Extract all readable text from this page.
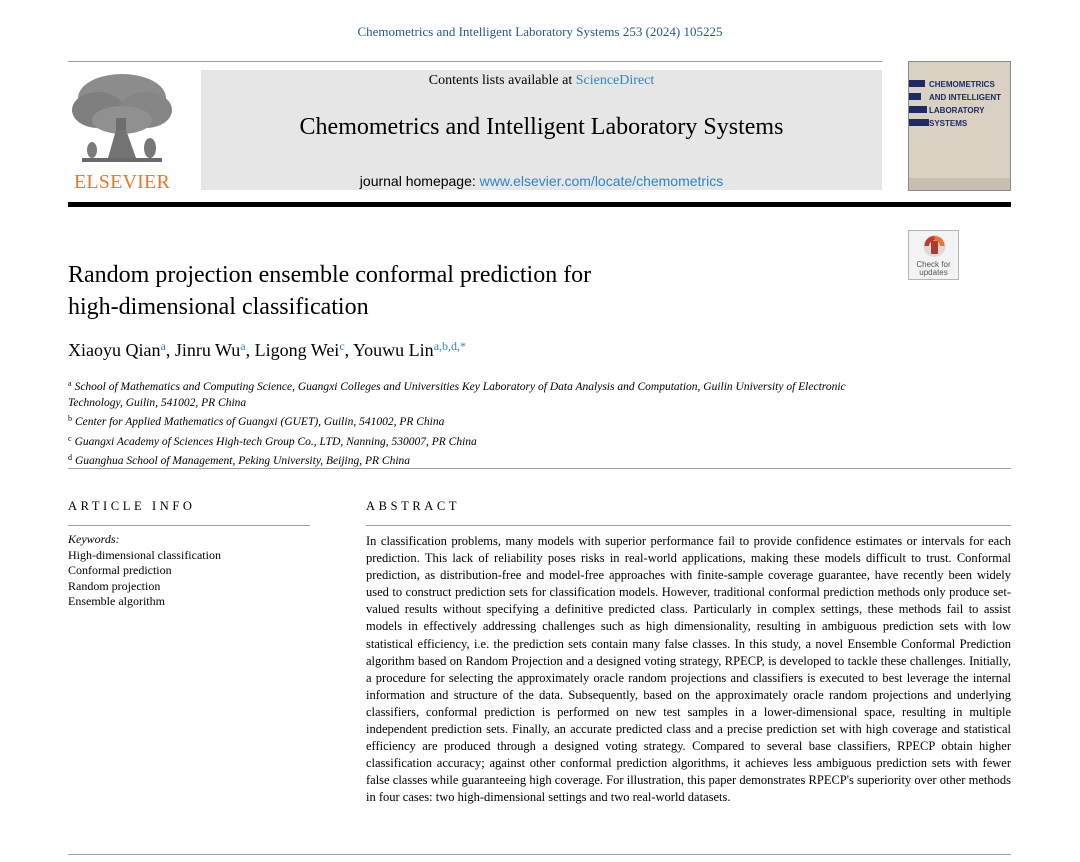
Chemometrics and Intelligent Laboratory Systems 253 (2024) 105225
ELSEVIER
Contents lists available at ScienceDirect
Chemometrics and Intelligent Laboratory Systems
journal homepage: www.elsevier.com/locate/chemometrics
CHEMOMETRICS
AND INTELLIGENT
LABORATORY
SYSTEMS
Check for
updates
Random projection ensemble conformal prediction for
high-dimensional classification
Xiaoyu Qian$^a$, Jinru Wu$^a$, Ligong Wei$^c$, Youwu Lin$^{a,b,d,*}$
$^a$ School of Mathematics and Computing Science, Guangxi Colleges and Universities Key Laboratory of Data Analysis and Computation, Guilin University of Electronic Technology, Guilin, 541002, PR China
$^b$ Center for Applied Mathematics of Guangxi (GUET), Guilin, 541002, PR China
$^c$ Guangxi Academy of Sciences High-tech Group Co., LTD, Nanning, 530007, PR China
$^d$ Guanghua School of Management, Peking University, Beijing, PR China
ARTICLE INFO	ABSTRACT
Keywords:
High-dimensional classification
Conformal prediction
Random projection
Ensemble algorithm
In classification problems, many models with superior performance fail to provide confidence estimates or intervals for each prediction. This lack of reliability poses risks in real-world applications, making these models difficult to trust. Conformal prediction, as distribution-free and model-free approaches with finite-sample coverage guarantee, have recently been widely used to construct prediction sets for classification models. However, traditional conformal prediction methods only produce set-valued results without specifying a definitive predicted class. Particularly in complex settings, these methods fail to assist models in effectively addressing challenges such as high dimensionality, resulting in ambiguous prediction sets with low statistical efficiency, i.e. the prediction sets contain many false classes. In this study, a novel Ensemble Conformal Prediction algorithm based on Random Projection and a designed voting strategy, RPECP, is developed to tackle these challenges. Initially, a procedure for selecting the approximately oracle random projections and classifiers is executed to best leverage the internal information and structure of the data. Subsequently, based on the approximately oracle random projections and underlying classifiers, conformal prediction is performed on new test samples in a lower-dimensional space, resulting in multiple independent prediction sets. Finally, an accurate predicted class and a precise prediction set with high coverage and statistical efficiency are produced through a designed voting strategy. Compared to several base classifiers, RPECP obtain higher classification accuracy; against other conformal prediction algorithms, it achieves less ambiguous prediction sets with fewer false classes while guaranteeing high coverage. For illustration, this paper demonstrates RPECP's superiority over other methods in four cases: two high-dimensional settings and two real-world datasets.
